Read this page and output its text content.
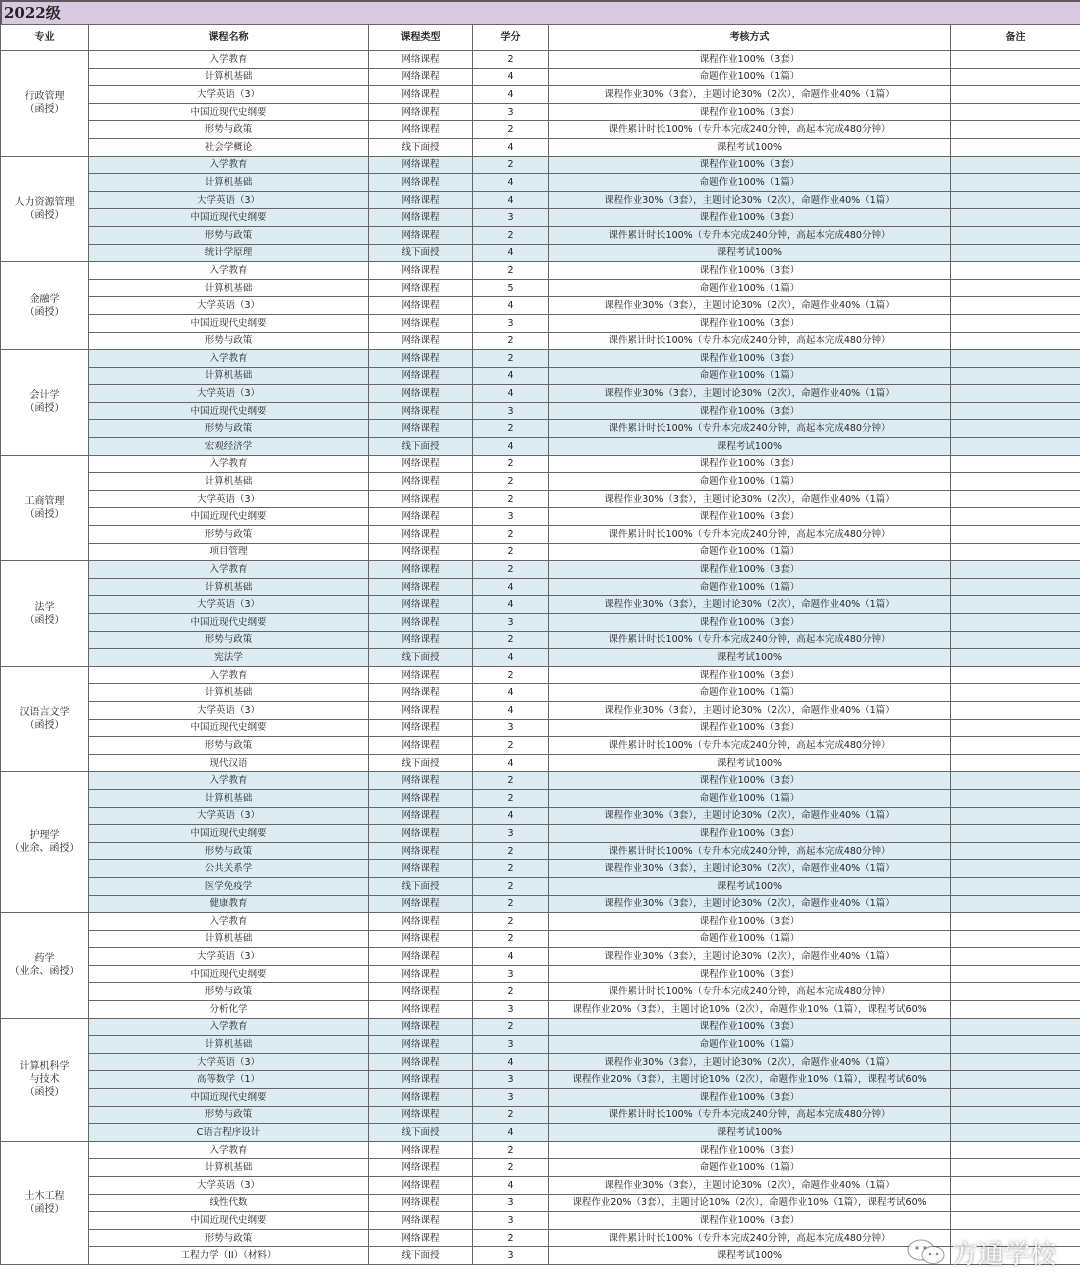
2022级
专业	课程名称	课程类型	学分	考核方式	备注
行政管理
（函授）	入学教育	网络课程	2	课程作业100%（3套）	
	计算机基础	网络课程	4	命题作业100%（1篇）	
	大学英语（3）	网络课程	4	课程作业30%（3套），主题讨论30%（2次），命题作业40%（1篇）	
	中国近现代史纲要	网络课程	3	课程作业100%（3套）	
	形势与政策	网络课程	2	课件累计时长100%（专升本完成240分钟，高起本完成480分钟）	
	社会学概论	线下面授	4	课程考试100%	
人力资源管理
（函授）	入学教育	网络课程	2	课程作业100%（3套）	
	计算机基础	网络课程	4	命题作业100%（1篇）	
	大学英语（3）	网络课程	4	课程作业30%（3套），主题讨论30%（2次），命题作业40%（1篇）	
	中国近现代史纲要	网络课程	3	课程作业100%（3套）	
	形势与政策	网络课程	2	课件累计时长100%（专升本完成240分钟，高起本完成480分钟）	
	统计学原理	线下面授	4	课程考试100%	
金融学
（函授）	入学教育	网络课程	2	课程作业100%（3套）	
	计算机基础	网络课程	5	命题作业100%（1篇）	
	大学英语（3）	网络课程	4	课程作业30%（3套），主题讨论30%（2次），命题作业40%（1篇）	
	中国近现代史纲要	网络课程	3	课程作业100%（3套）	
	形势与政策	网络课程	2	课件累计时长100%（专升本完成240分钟，高起本完成480分钟）	
会计学
（函授）	入学教育	网络课程	2	课程作业100%（3套）	
	计算机基础	网络课程	4	命题作业100%（1篇）	
	大学英语（3）	网络课程	4	课程作业30%（3套），主题讨论30%（2次），命题作业40%（1篇）	
	中国近现代史纲要	网络课程	3	课程作业100%（3套）	
	形势与政策	网络课程	2	课件累计时长100%（专升本完成240分钟，高起本完成480分钟）	
	宏观经济学	线下面授	4	课程考试100%	
工商管理
（函授）	入学教育	网络课程	2	课程作业100%（3套）	
	计算机基础	网络课程	2	命题作业100%（1篇）	
	大学英语（3）	网络课程	2	课程作业30%（3套），主题讨论30%（2次），命题作业40%（1篇）	
	中国近现代史纲要	网络课程	3	课程作业100%（3套）	
	形势与政策	网络课程	2	课件累计时长100%（专升本完成240分钟，高起本完成480分钟）	
	项目管理	网络课程	2	命题作业100%（1篇）	
法学
（函授）	入学教育	网络课程	2	课程作业100%（3套）	
	计算机基础	网络课程	4	命题作业100%（1篇）	
	大学英语（3）	网络课程	4	课程作业30%（3套），主题讨论30%（2次），命题作业40%（1篇）	
	中国近现代史纲要	网络课程	3	课程作业100%（3套）	
	形势与政策	网络课程	2	课件累计时长100%（专升本完成240分钟，高起本完成480分钟）	
	宪法学	线下面授	4	课程考试100%	
汉语言文学
（函授）	入学教育	网络课程	2	课程作业100%（3套）	
	计算机基础	网络课程	4	命题作业100%（1篇）	
	大学英语（3）	网络课程	4	课程作业30%（3套），主题讨论30%（2次），命题作业40%（1篇）	
	中国近现代史纲要	网络课程	3	课程作业100%（3套）	
	形势与政策	网络课程	2	课件累计时长100%（专升本完成240分钟，高起本完成480分钟）	
	现代汉语	线下面授	4	课程考试100%	
护理学
（业余、函授）	入学教育	网络课程	2	课程作业100%（3套）	
	计算机基础	网络课程	2	命题作业100%（1篇）	
	大学英语（3）	网络课程	4	课程作业30%（3套），主题讨论30%（2次），命题作业40%（1篇）	
	中国近现代史纲要	网络课程	3	课程作业100%（3套）	
	形势与政策	网络课程	2	课件累计时长100%（专升本完成240分钟，高起本完成480分钟）	
	公共关系学	网络课程	2	课程作业30%（3套），主题讨论30%（2次），命题作业40%（1篇）	
	医学免疫学	线下面授	2	课程考试100%	
	健康教育	网络课程	2	课程作业30%（3套），主题讨论30%（2次），命题作业40%（1篇）	
药学
（业余、函授）	入学教育	网络课程	2	课程作业100%（3套）	
	计算机基础	网络课程	2	命题作业100%（1篇）	
	大学英语（3）	网络课程	4	课程作业30%（3套），主题讨论30%（2次），命题作业40%（1篇）	
	中国近现代史纲要	网络课程	3	课程作业100%（3套）	
	形势与政策	网络课程	2	课件累计时长100%（专升本完成240分钟，高起本完成480分钟）	
	分析化学	网络课程	3	课程作业20%（3套），主题讨论10%（2次），命题作业10%（1篇），课程考试60%	
计算机科学
与技术
（函授）	入学教育	网络课程	2	课程作业100%（3套）	
	计算机基础	网络课程	3	命题作业100%（1篇）	
	大学英语（3）	网络课程	4	课程作业30%（3套），主题讨论30%（2次），命题作业40%（1篇）	
	高等数学（1）	网络课程	3	课程作业20%（3套），主题讨论10%（2次），命题作业10%（1篇），课程考试60%	
	中国近现代史纲要	网络课程	3	课程作业100%（3套）	
	形势与政策	网络课程	2	课件累计时长100%（专升本完成240分钟，高起本完成480分钟）	
	C语言程序设计	线下面授	4	课程考试100%	
土木工程
（函授）	入学教育	网络课程	2	课程作业100%（3套）	
	计算机基础	网络课程	2	命题作业100%（1篇）	
	大学英语（3）	网络课程	4	课程作业30%（3套），主题讨论30%（2次），命题作业40%（1篇）	
	线性代数	网络课程	3	课程作业20%（3套），主题讨论10%（2次），命题作业10%（1篇），课程考试60%	
	中国近现代史纲要	网络课程	3	课程作业100%（3套）	
	形势与政策	网络课程	2	课件累计时长100%（专升本完成240分钟，高起本完成480分钟）	
	工程力学（II）（材料）	线下面授	3	课程考试100%		方通学校
